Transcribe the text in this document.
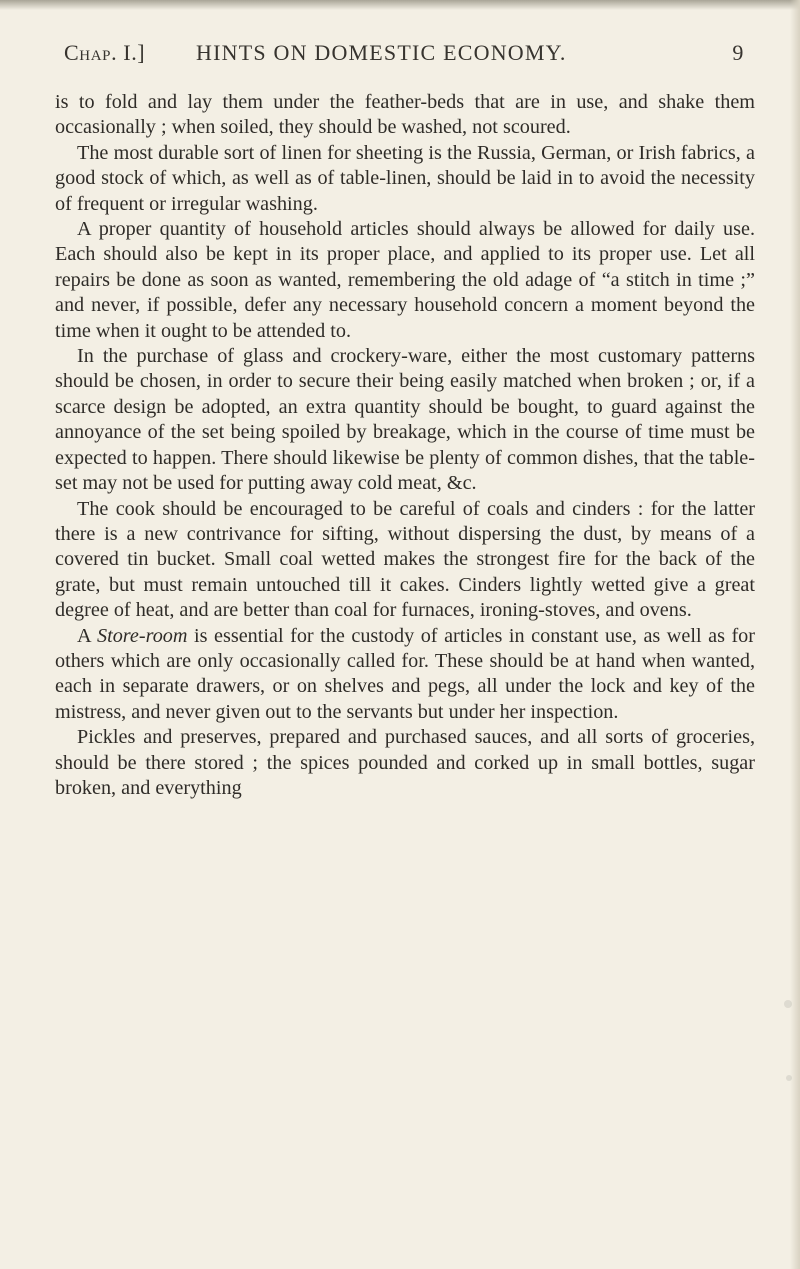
Chap. I.] HINTS ON DOMESTIC ECONOMY.	9

is to fold and lay them under the feather-beds that are in use, and shake them occasionally ; when soiled, they should be washed, not scoured.

The most durable sort of linen for sheeting is the Russia, German, or Irish fabrics, a good stock of which, as well as of table-linen, should be laid in to avoid the necessity of frequent or irregular washing.

A proper quantity of household articles should always be allowed for daily use. Each should also be kept in its proper place, and applied to its proper use. Let all repairs be done as soon as wanted, remembering the old adage of “a stitch in time ;” and never, if possible, defer any necessary household concern a moment beyond the time when it ought to be attended to.

In the purchase of glass and crockery-ware, either the most customary patterns should be chosen, in order to secure their being easily matched when broken ; or, if a scarce design be adopted, an extra quantity should be bought, to guard against the annoyance of the set being spoiled by breakage, which in the course of time must be expected to happen. There should likewise be plenty of common dishes, that the table-set may not be used for putting away cold meat, &c.

The cook should be encouraged to be careful of coals and cinders : for the latter there is a new contrivance for sifting, without dispersing the dust, by means of a covered tin bucket. Small coal wetted makes the strongest fire for the back of the grate, but must remain untouched till it cakes. Cinders lightly wetted give a great degree of heat, and are better than coal for furnaces, ironing-stoves, and ovens.

A Store-room is essential for the custody of articles in constant use, as well as for others which are only occasionally called for. These should be at hand when wanted, each in separate drawers, or on shelves and pegs, all under the lock and key of the mistress, and never given out to the servants but under her inspection.

Pickles and preserves, prepared and purchased sauces, and all sorts of groceries, should be there stored ; the spices pounded and corked up in small bottles, sugar broken, and everything
